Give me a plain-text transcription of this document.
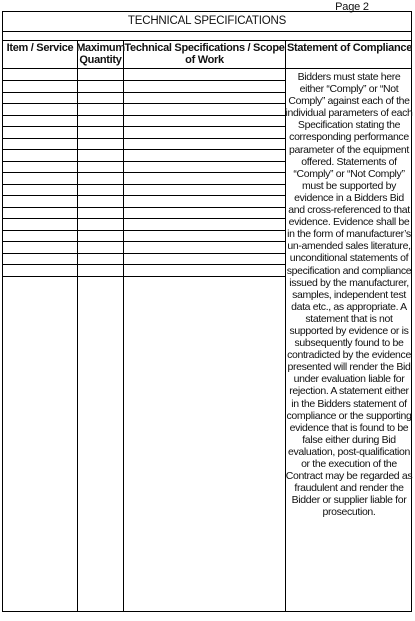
Page 2
TECHNICAL SPECIFICATIONS
Item / Service Maximum Quantity
Technical Specifications / Scope of Work
Statement of Compliance
Bidders must state here either “Comply” or “Not Comply” against each of the individual parameters of each Specification stating the corresponding performance parameter of the equipment offered. Statements of “Comply” or “Not Comply” must be supported by evidence in a Bidders Bid and cross-referenced to that evidence. Evidence shall be in the form of manufacturer’s un-amended sales literature, unconditional statements of specification and compliance issued by the manufacturer, samples, independent test data etc., as appropriate. A statement that is not supported by evidence or is subsequently found to be contradicted by the evidence presented will render the Bid under evaluation liable for rejection. A statement either in the Bidders statement of compliance or the supporting evidence that is found to be false either during Bid evaluation, post-qualification or the execution of the Contract may be regarded as fraudulent and render the Bidder or supplier liable for prosecution.
